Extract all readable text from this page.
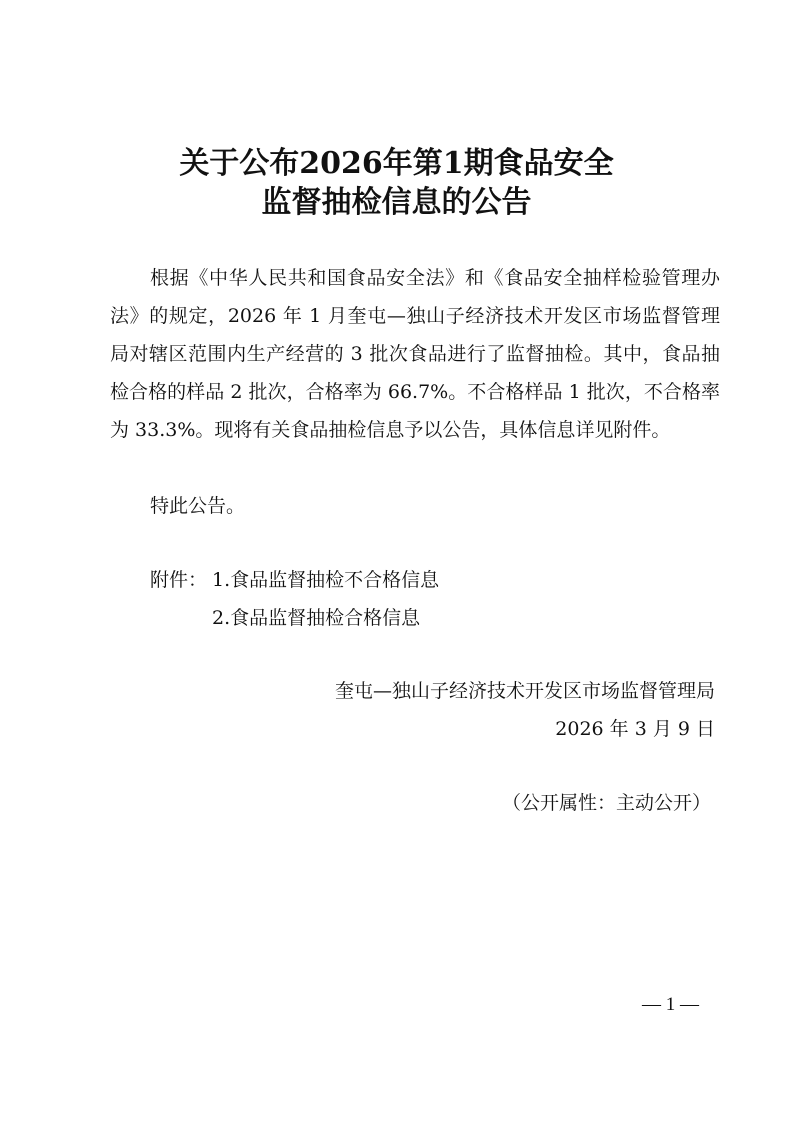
关于公布2026年第1期食品安全
监督抽检信息的公告
根据《中华人民共和国食品安全法》和《食品安全抽样检验管理办法》的规定，2026 年 1 月奎屯—独山子经济技术开发区市场监督管理局对辖区范围内生产经营的 3 批次食品进行了监督抽检。其中，食品抽检合格的样品 2 批次，合格率为 66.7%。不合格样品 1 批次，不合格率为 33.3%。现将有关食品抽检信息予以公告，具体信息详见附件。
特此公告。
附件： 1.食品监督抽检不合格信息
2.食品监督抽检合格信息
奎屯—独山子经济技术开发区市场监督管理局
2026 年 3 月 9 日
（公开属性：主动公开）
— 1 —
